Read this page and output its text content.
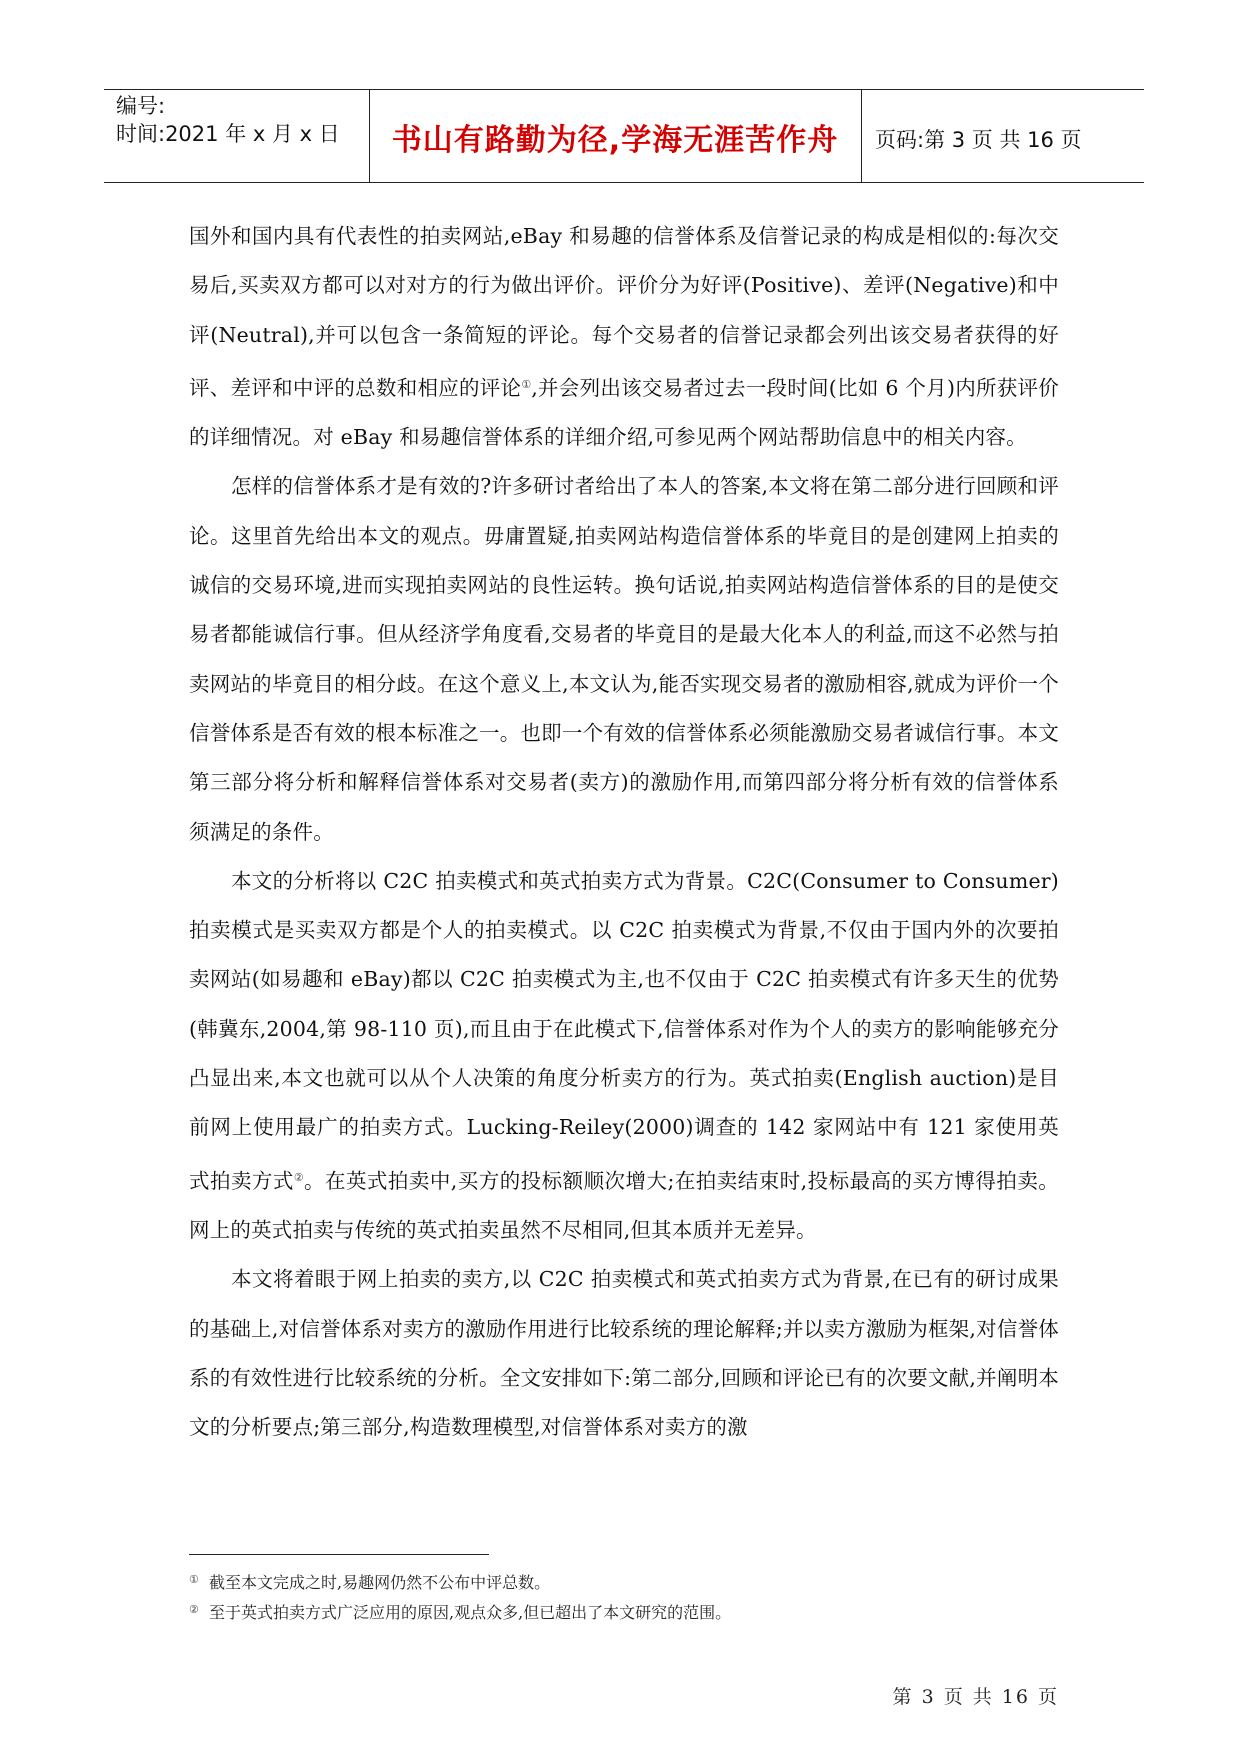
编号:
时间:2021 年 x 月 x 日	书山有路勤为径,学海无涯苦作舟	页码:第 3 页 共 16 页

国外和国内具有代表性的拍卖网站,eBay 和易趣的信誉体系及信誉记录的构成是相似的:每次交易后,买卖双方都可以对对方的行为做出评价。评价分为好评(Positive)、差评(Negative)和中评(Neutral),并可以包含一条简短的评论。每个交易者的信誉记录都会列出该交易者获得的好评、差评和中评的总数和相应的评论①,并会列出该交易者过去一段时间(比如 6 个月)内所获评价的详细情况。对 eBay 和易趣信誉体系的详细介绍,可参见两个网站帮助信息中的相关内容。

怎样的信誉体系才是有效的?许多研讨者给出了本人的答案,本文将在第二部分进行回顾和评论。这里首先给出本文的观点。毋庸置疑,拍卖网站构造信誉体系的毕竟目的是创建网上拍卖的诚信的交易环境,进而实现拍卖网站的良性运转。换句话说,拍卖网站构造信誉体系的目的是使交易者都能诚信行事。但从经济学角度看,交易者的毕竟目的是最大化本人的利益,而这不必然与拍卖网站的毕竟目的相分歧。在这个意义上,本文认为,能否实现交易者的激励相容,就成为评价一个信誉体系是否有效的根本标准之一。也即一个有效的信誉体系必须能激励交易者诚信行事。本文第三部分将分析和解释信誉体系对交易者(卖方)的激励作用,而第四部分将分析有效的信誉体系须满足的条件。

本文的分析将以 C2C 拍卖模式和英式拍卖方式为背景。C2C(Consumer to Consumer)拍卖模式是买卖双方都是个人的拍卖模式。以 C2C 拍卖模式为背景,不仅由于国内外的次要拍卖网站(如易趣和 eBay)都以 C2C 拍卖模式为主,也不仅由于 C2C 拍卖模式有许多天生的优势(韩冀东,2004,第 98-110 页),而且由于在此模式下,信誉体系对作为个人的卖方的影响能够充分凸显出来,本文也就可以从个人决策的角度分析卖方的行为。英式拍卖(English auction)是目前网上使用最广的拍卖方式。Lucking-Reiley(2000)调查的 142 家网站中有 121 家使用英式拍卖方式②。在英式拍卖中,买方的投标额顺次增大;在拍卖结束时,投标最高的买方博得拍卖。网上的英式拍卖与传统的英式拍卖虽然不尽相同,但其本质并无差异。

本文将着眼于网上拍卖的卖方,以 C2C 拍卖模式和英式拍卖方式为背景,在已有的研讨成果的基础上,对信誉体系对卖方的激励作用进行比较系统的理论解释;并以卖方激励为框架,对信誉体系的有效性进行比较系统的分析。全文安排如下:第二部分,回顾和评论已有的次要文献,并阐明本文的分析要点;第三部分,构造数理模型,对信誉体系对卖方的激

① 截至本文完成之时,易趣网仍然不公布中评总数。
② 至于英式拍卖方式广泛应用的原因,观点众多,但已超出了本文研究的范围。
第 3 页 共 16 页
